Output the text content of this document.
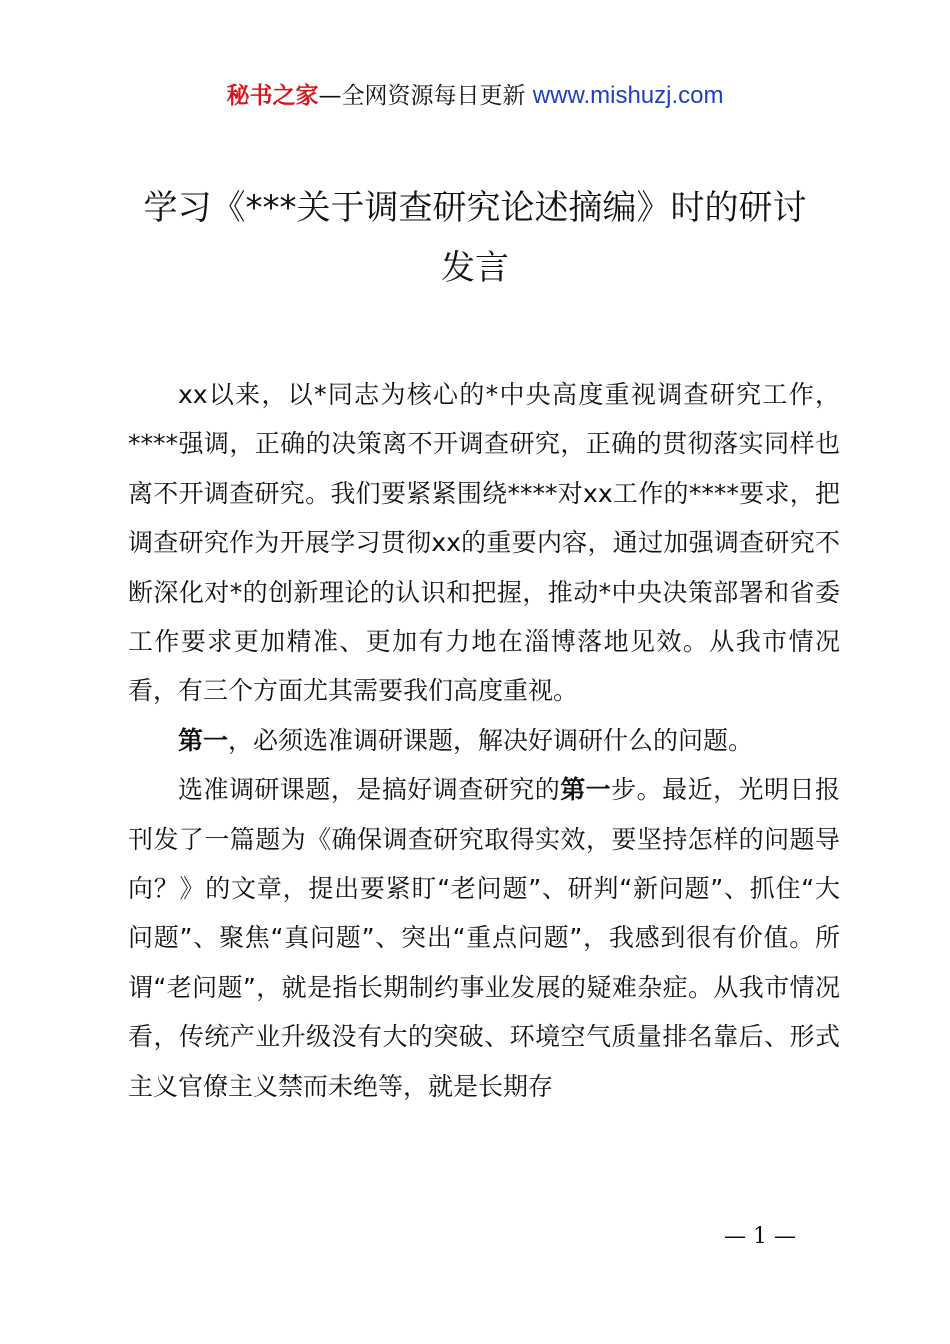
秘书之家—全网资源每日更新 www.mishuzj.com
学习《***关于调查研究论述摘编》时的研讨
发言

xx以来，以*同志为核心的*中央高度重视调查研究工作，****强调，正确的决策离不开调查研究，正确的贯彻落实同样也离不开调查研究。我们要紧紧围绕****对xx工作的****要求，把调查研究作为开展学习贯彻xx的重要内容，通过加强调查研究不断深化对*的创新理论的认识和把握，推动*中央决策部署和省委工作要求更加精准、更加有力地在淄博落地见效。从我市情况看，有三个方面尤其需要我们高度重视。

第一，必须选准调研课题，解决好调研什么的问题。

选准调研课题，是搞好调查研究的第一步。最近，光明日报刊发了一篇题为《确保调查研究取得实效，要坚持怎样的问题导向？》的文章，提出要紧盯“老问题”、研判“新问题”、抓住“大问题”、聚焦“真问题”、突出“重点问题”，我感到很有价值。所谓“老问题”，就是指长期制约事业发展的疑难杂症。从我市情况看，传统产业升级没有大的突破、环境空气质量排名靠后、形式主义官僚主义禁而未绝等，就是长期存

— 1 —
